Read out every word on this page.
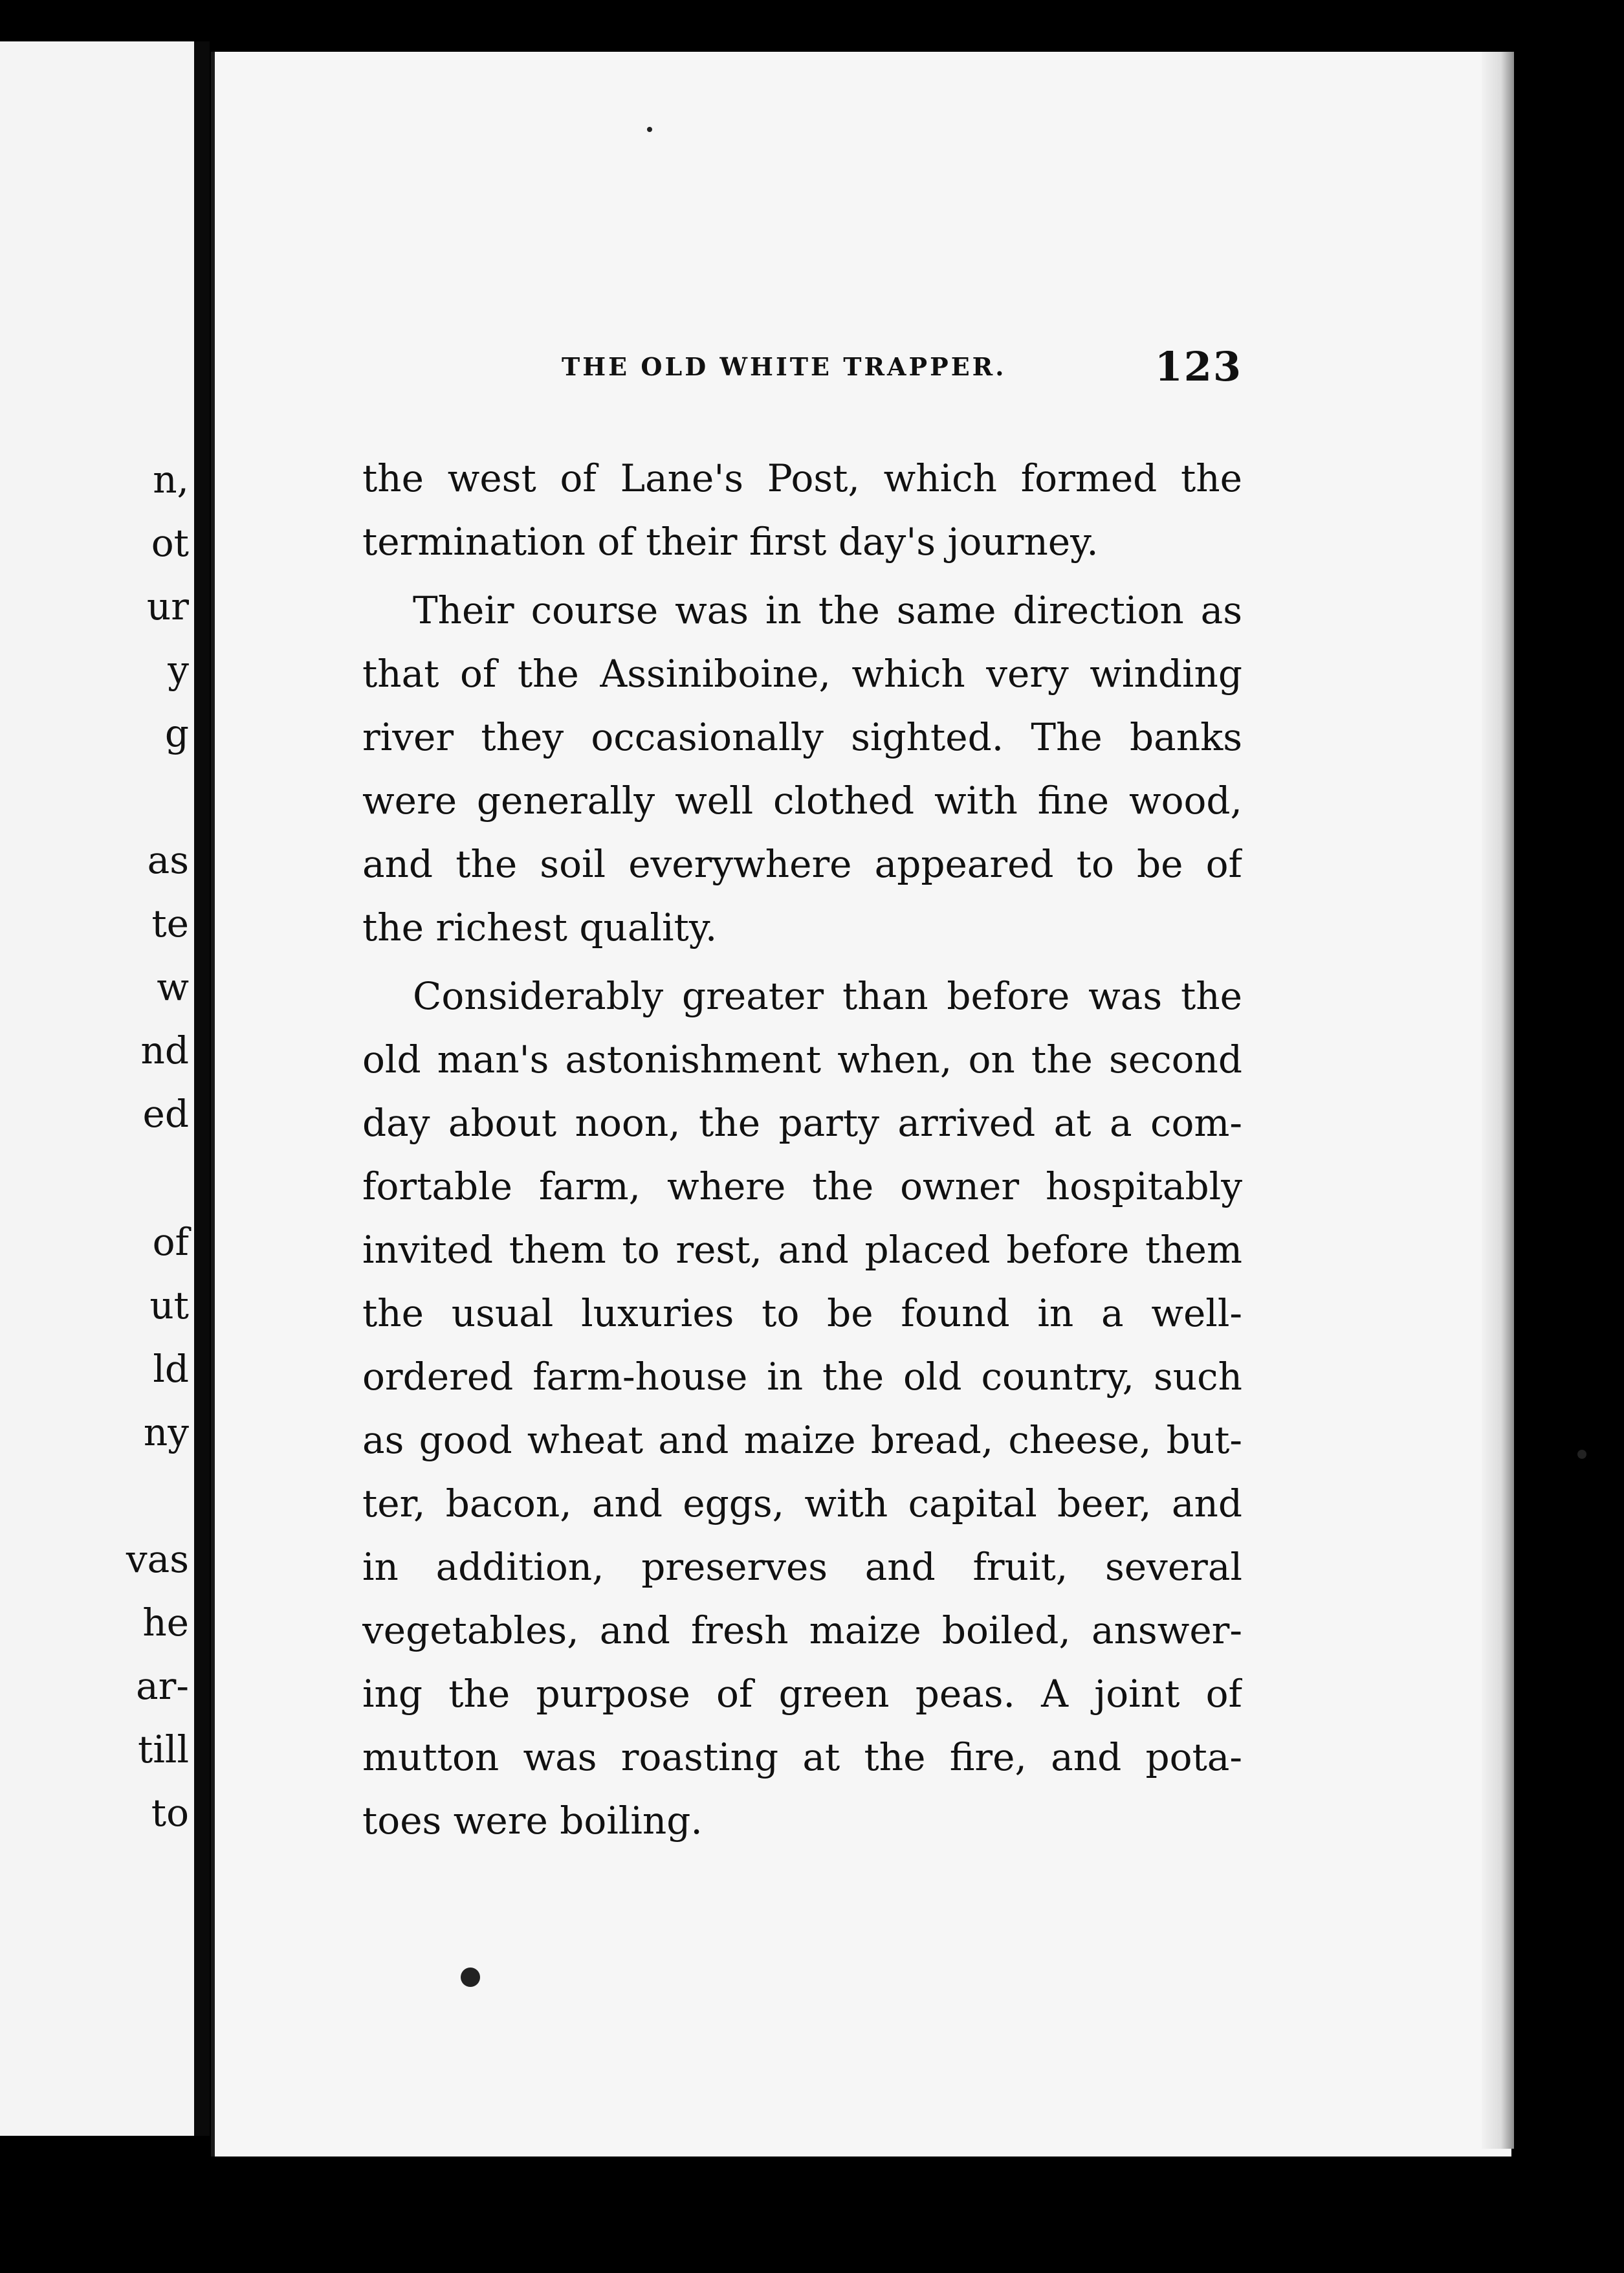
n,
ot
ur
y
g
as
te
w
nd
ed
of
ut
ld
ny
vas
he
ar-
till
to
THE OLD WHITE TRAPPER.	123
the west of Lane's Post, which formed the
termination of their first day's journey.
Their course was in the same direction as
that of the Assiniboine, which very winding
river they occasionally sighted. The banks
were generally well clothed with fine wood,
and the soil everywhere appeared to be of
the richest quality.
Considerably greater than before was the
old man's astonishment when, on the second
day about noon, the party arrived at a com-
fortable farm, where the owner hospitably
invited them to rest, and placed before them
the usual luxuries to be found in a well-
ordered farm-house in the old country, such
as good wheat and maize bread, cheese, but-
ter, bacon, and eggs, with capital beer, and
in addition, preserves and fruit, several
vegetables, and fresh maize boiled, answer-
ing the purpose of green peas. A joint of
mutton was roasting at the fire, and pota-
toes were boiling.
